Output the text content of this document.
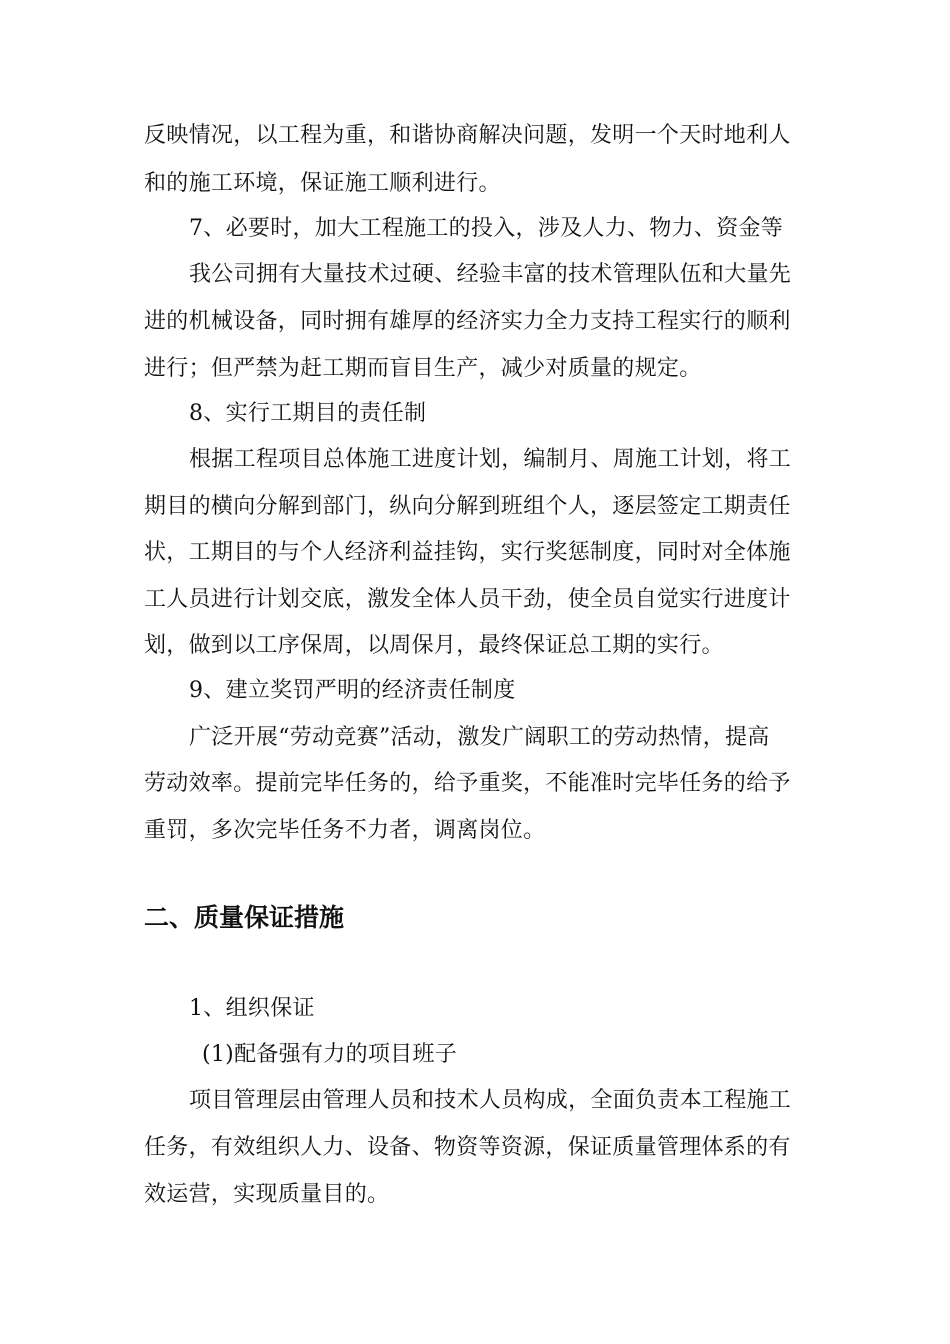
反映情况，以工程为重，和谐协商解决问题，发明一个天时地利人
和的施工环境，保证施工顺利进行。
7、必要时，加大工程施工的投入，涉及人力、物力、资金等
我公司拥有大量技术过硬、经验丰富的技术管理队伍和大量先
进的机械设备，同时拥有雄厚的经济实力全力支持工程实行的顺利
进行；但严禁为赶工期而盲目生产，减少对质量的规定。
8、实行工期目的责任制
根据工程项目总体施工进度计划，编制月、周施工计划，将工
期目的横向分解到部门，纵向分解到班组个人，逐层签定工期责任
状，工期目的与个人经济利益挂钩，实行奖惩制度，同时对全体施
工人员进行计划交底，激发全体人员干劲，使全员自觉实行进度计
划，做到以工序保周，以周保月，最终保证总工期的实行。
9、建立奖罚严明的经济责任制度
广泛开展“劳动竞赛”活动，激发广阔职工的劳动热情，提高
劳动效率。提前完毕任务的，给予重奖，不能准时完毕任务的给予
重罚，多次完毕任务不力者，调离岗位。
二、质量保证措施
1、组织保证
(1)配备强有力的项目班子
项目管理层由管理人员和技术人员构成，全面负责本工程施工
任务，有效组织人力、设备、物资等资源，保证质量管理体系的有
效运营，实现质量目的。
